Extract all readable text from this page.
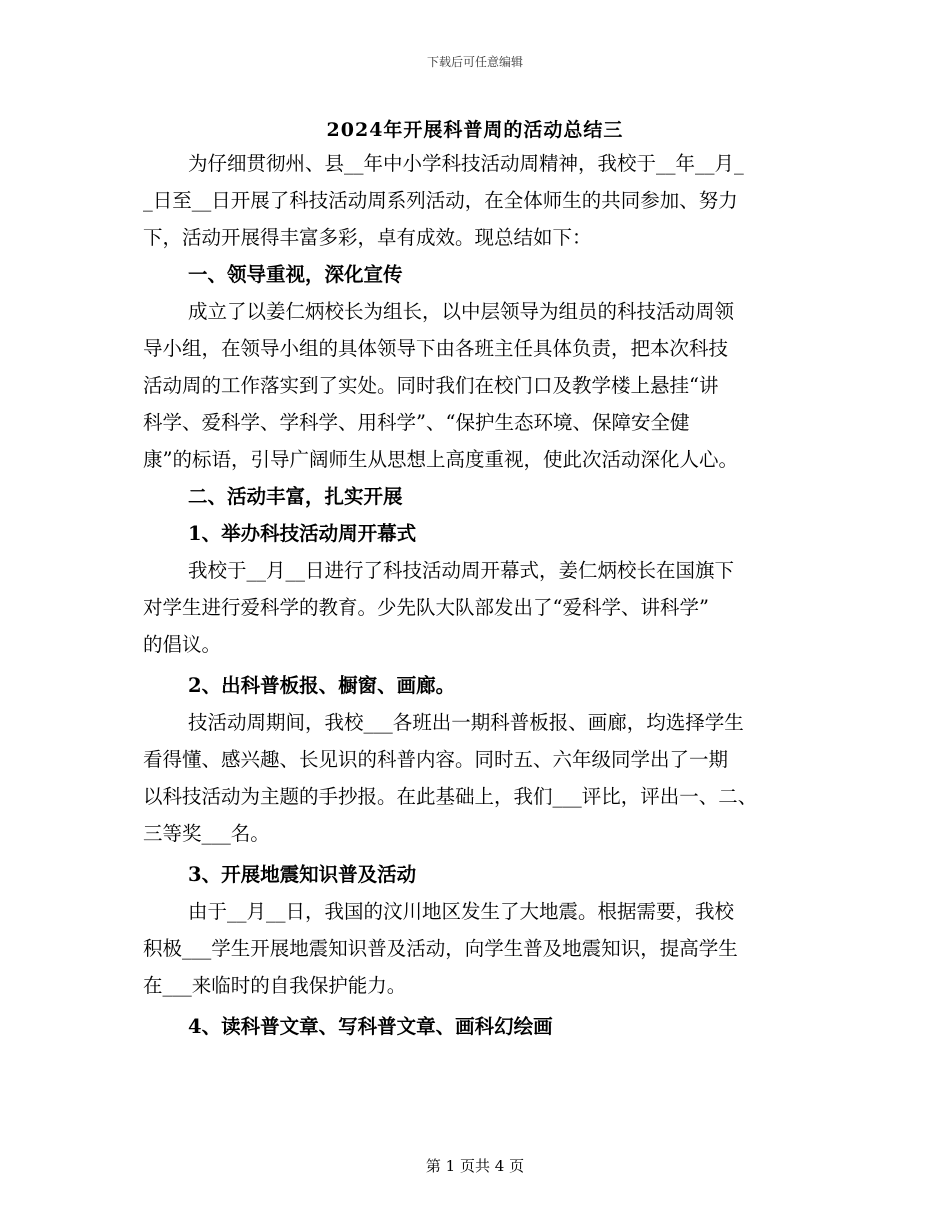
下载后可任意编辑
2024年开展科普周的活动总结三
为仔细贯彻州、县__年中小学科技活动周精神，我校于__年__月_
_日至__日开展了科技活动周系列活动，在全体师生的共同参加、努力
下，活动开展得丰富多彩，卓有成效。现总结如下：
一、领导重视，深化宣传
成立了以姜仁炳校长为组长，以中层领导为组员的科技活动周领
导小组，在领导小组的具体领导下由各班主任具体负责，把本次科技
活动周的工作落实到了实处。同时我们在校门口及教学楼上悬挂“讲
科学、爱科学、学科学、用科学”、“保护生态环境、保障安全健
康”的标语，引导广阔师生从思想上高度重视，使此次活动深化人心。
二、活动丰富，扎实开展
1、举办科技活动周开幕式
我校于__月__日进行了科技活动周开幕式，姜仁炳校长在国旗下
对学生进行爱科学的教育。少先队大队部发出了“爱科学、讲科学”
的倡议。
2、出科普板报、橱窗、画廊。
技活动周期间，我校___各班出一期科普板报、画廊，均选择学生
看得懂、感兴趣、长见识的科普内容。同时五、六年级同学出了一期
以科技活动为主题的手抄报。在此基础上，我们___评比，评出一、二、
三等奖___名。
3、开展地震知识普及活动
由于__月__日，我国的汶川地区发生了大地震。根据需要，我校
积极___学生开展地震知识普及活动，向学生普及地震知识，提高学生
在___来临时的自我保护能力。
4、读科普文章、写科普文章、画科幻绘画
第 1 页共 4 页
